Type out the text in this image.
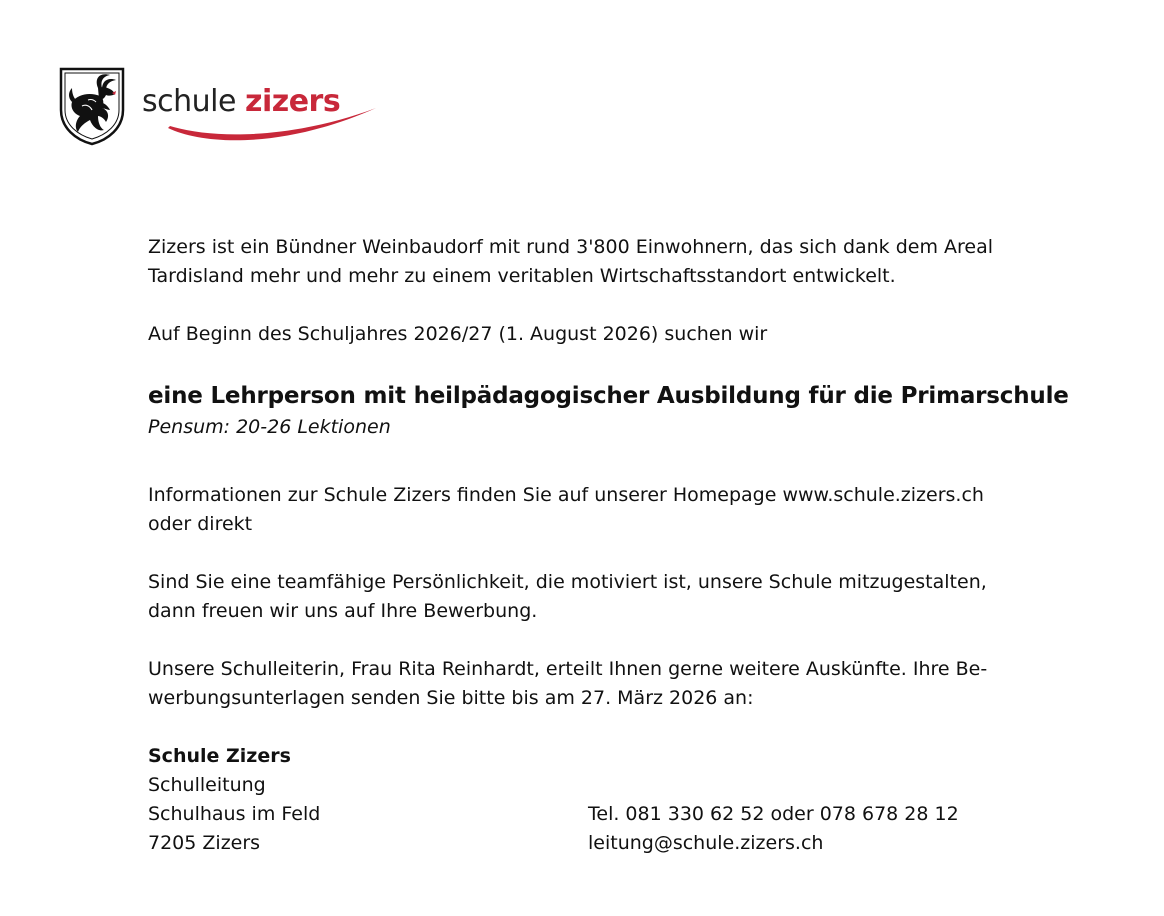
schule zizers

Zizers ist ein Bündner Weinbaudorf mit rund 3'800 Einwohnern, das sich dank dem Areal Tardisland mehr und mehr zu einem veritablen Wirtschaftsstandort entwickelt.

Auf Beginn des Schuljahres 2026/27 (1. August 2026) suchen wir

eine Lehrperson mit heilpädagogischer Ausbildung für die Primarschule

Pensum: 20-26 Lektionen

Informationen zur Schule Zizers finden Sie auf unserer Homepage www.schule.zizers.ch
oder direkt

Sind Sie eine teamfähige Persönlichkeit, die motiviert ist, unsere Schule mitzugestalten,
dann freuen wir uns auf Ihre Bewerbung.

Unsere Schulleiterin, Frau Rita Reinhardt, erteilt Ihnen gerne weitere Auskünfte. Ihre Be-
werbungsunterlagen senden Sie bitte bis am 27. März 2026 an:

Schule Zizers
Schulleitung
Schulhaus im Feld
7205 Zizers
Tel. 081 330 62 52 oder 078 678 28 12
leitung@schule.zizers.ch
